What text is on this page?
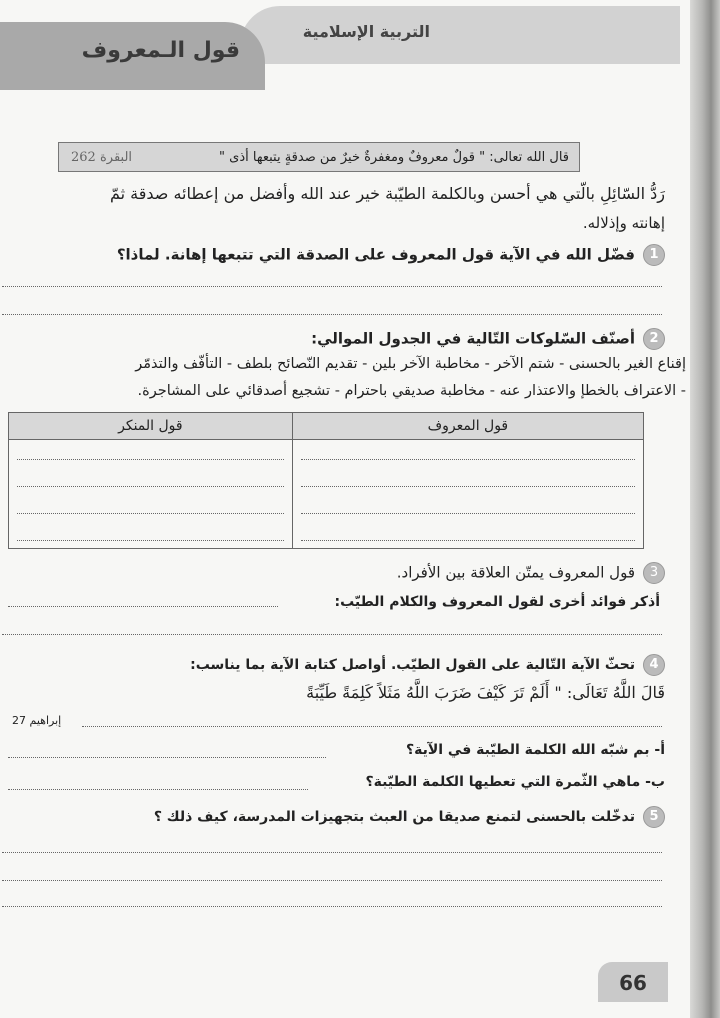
التربية الإسلامية
قول الـمعروف
قال الله تعالى: " قولٌ معروفٌ ومغفرةٌ خيرٌ من صدقةٍ يتبعها أذى "
البقرة 262
رَدُّ السّائِلِ بالّتي هي أحسن وبالكلمة الطيّبة خير عند الله وأفضل من إعطائه صدقة ثمّ
إهانته وإذلاله.
1فضّل الله في الآية قول المعروف على الصدقة التي تتبعها إهانة. لماذا؟
2أصنّف السّلوكات التّالية في الجدول الموالي:
إقناع الغير بالحسنى - شتم الآخر - مخاطبة الآخر بلين - تقديم النّصائح بلطف - التأفّف والتذمّر
- الاعتراف بالخطإ والاعتذار عنه - مخاطبة صديقي باحترام - تشجيع أصدقائي على المشاجرة.
قول المعروف	قول المنكر

3قول المعروف يمتّن العلاقة بين الأفراد.
أذكر فوائد أخرى لقول المعروف والكلام الطيّب:
4تحثّ الآية التّالية على القول الطيّب. أواصل كتابة الآية بما يناسب:
قَالَ اللَّهُ تَعَالَى: " أَلَمْ تَرَ كَيْفَ ضَرَبَ اللَّهُ مَثَلاً كَلِمَةً طَيِّبَةً
إبراهيم 27
أ- بم شبّه الله الكلمة الطيّبة في الآية؟
ب- ماهي الثّمرة التي تعطيها الكلمة الطيّبة؟
5تدخّلت بالحسنى لتمنع صديقا من العبث بتجهيزات المدرسة، كيف ذلك ؟
66
